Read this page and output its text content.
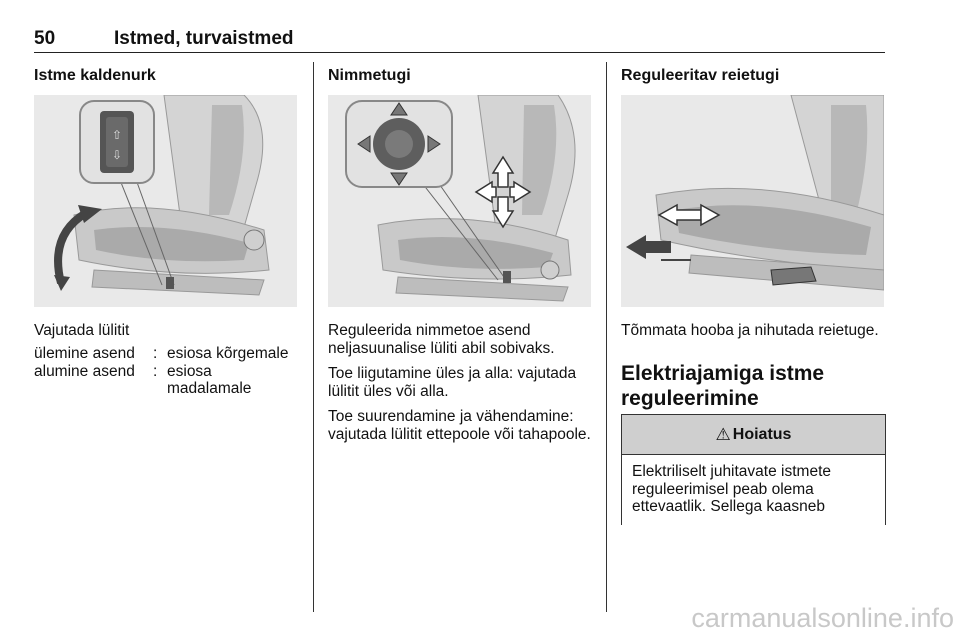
50	Istmed, turvaistmed
Istme kaldenurk
⇧
⇩
Vajutada lülitit
ülemine asend	: esiosa kõrgemale
alumine asend	: esiosa madalamale
Nimmetugi

Reguleerida nimmetoe asend neljasuunalise lüliti abil sobivaks.

Toe liigutamine üles ja alla: vajutada lülitit üles või alla.

Toe suurendamine ja vähendamine: vajutada lülitit ettepoole või tahapoole.

Reguleeritav reietugi
Tõmmata hooba ja nihutada reietuge.
Elektriajamiga istme reguleerimine
⚠ Hoiatus
Elektriliselt juhitavate istmete reguleerimisel peab olema ettevaatlik. Sellega kaasneb
carmanualsonline.info
